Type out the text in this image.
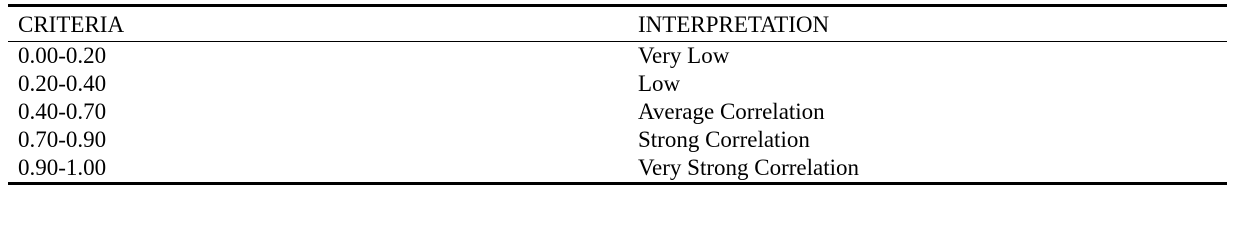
CRITERIA	INTERPRETATION
0.00-0.20	Very Low
0.20-0.40	Low
0.40-0.70	Average Correlation
0.70-0.90	Strong Correlation
0.90-1.00	Very Strong Correlation
